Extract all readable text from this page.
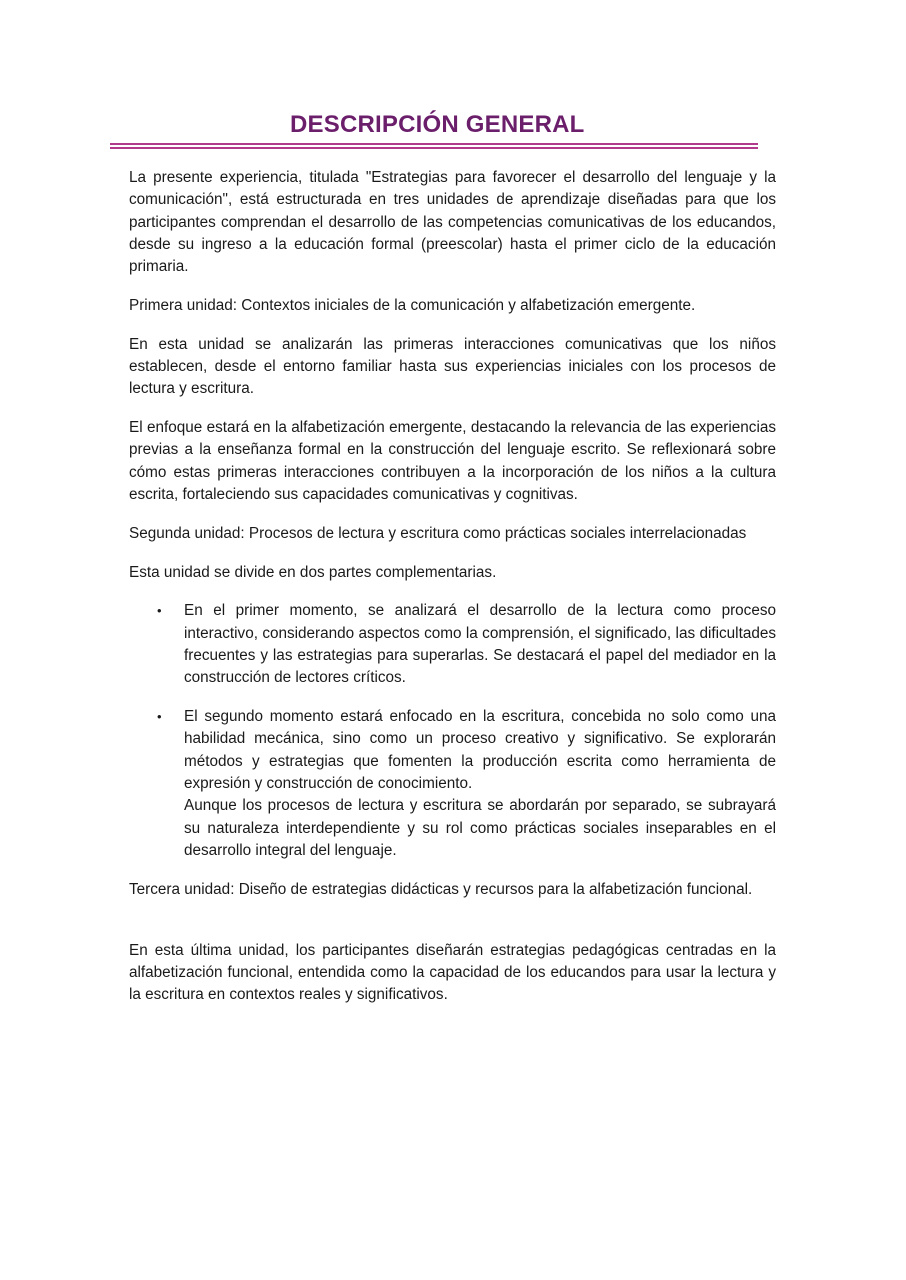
DESCRIPCIÓN GENERAL

La presente experiencia, titulada "Estrategias para favorecer el desarrollo del lenguaje y la comunicación", está estructurada en tres unidades de aprendizaje diseñadas para que los participantes comprendan el desarrollo de las competencias comunicativas de los educandos, desde su ingreso a la educación formal (preescolar) hasta el primer ciclo de la educación primaria.

Primera unidad: Contextos iniciales de la comunicación y alfabetización emergente.

En esta unidad se analizarán las primeras interacciones comunicativas que los niños establecen, desde el entorno familiar hasta sus experiencias iniciales con los procesos de lectura y escritura.

El enfoque estará en la alfabetización emergente, destacando la relevancia de las experiencias previas a la enseñanza formal en la construcción del lenguaje escrito. Se reflexionará sobre cómo estas primeras interacciones contribuyen a la incorporación de los niños a la cultura escrita, fortaleciendo sus capacidades comunicativas y cognitivas.

Segunda unidad: Procesos de lectura y escritura como prácticas sociales interrelacionadas

Esta unidad se divide en dos partes complementarias.

• En el primer momento, se analizará el desarrollo de la lectura como proceso interactivo, considerando aspectos como la comprensión, el significado, las dificultades frecuentes y las estrategias para superarlas. Se destacará el papel del mediador en la construcción de lectores críticos.
• El segundo momento estará enfocado en la escritura, concebida no solo como una habilidad mecánica, sino como un proceso creativo y significativo. Se explorarán métodos y estrategias que fomenten la producción escrita como herramienta de expresión y construcción de conocimiento.
Aunque los procesos de lectura y escritura se abordarán por separado, se subrayará su naturaleza interdependiente y su rol como prácticas sociales inseparables en el desarrollo integral del lenguaje.

Tercera unidad: Diseño de estrategias didácticas y recursos para la alfabetización funcional.

En esta última unidad, los participantes diseñarán estrategias pedagógicas centradas en la alfabetización funcional, entendida como la capacidad de los educandos para usar la lectura y la escritura en contextos reales y significativos.
